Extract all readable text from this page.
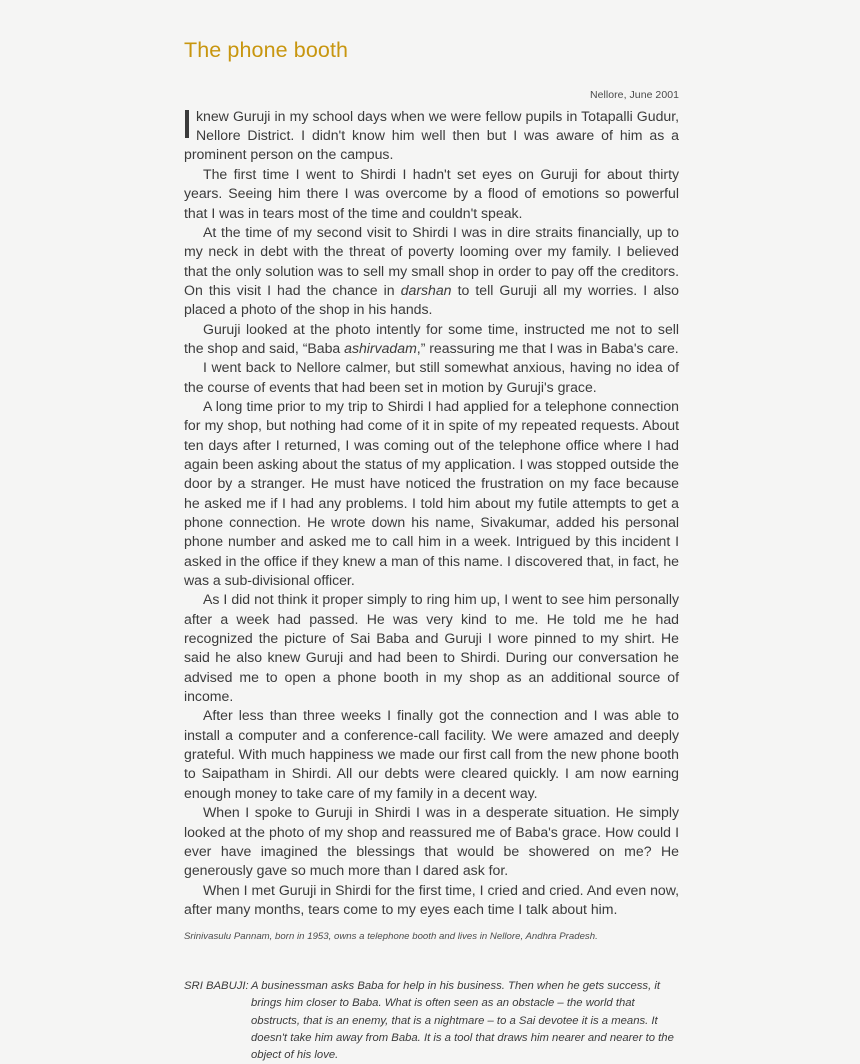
The phone booth
Nellore, June 2001

knew Guruji in my school days when we were fellow pupils in Totapalli Gudur, Nellore District. I didn't know him well then but I was aware of him as a prominent person on the campus.

The first time I went to Shirdi I hadn't set eyes on Guruji for about thirty years. Seeing him there I was overcome by a flood of emotions so powerful that I was in tears most of the time and couldn't speak.

At the time of my second visit to Shirdi I was in dire straits financially, up to my neck in debt with the threat of poverty looming over my family. I believed that the only solution was to sell my small shop in order to pay off the creditors. On this visit I had the chance in darshan to tell Guruji all my worries. I also placed a photo of the shop in his hands.

Guruji looked at the photo intently for some time, instructed me not to sell the shop and said, “Baba ashirvadam,” reassuring me that I was in Baba's care.

I went back to Nellore calmer, but still somewhat anxious, having no idea of the course of events that had been set in motion by Guruji's grace.

A long time prior to my trip to Shirdi I had applied for a telephone connection for my shop, but nothing had come of it in spite of my repeated requests. About ten days after I returned, I was coming out of the telephone office where I had again been asking about the status of my application. I was stopped outside the door by a stranger. He must have noticed the frustration on my face because he asked me if I had any problems. I told him about my futile attempts to get a phone connection. He wrote down his name, Sivakumar, added his personal phone number and asked me to call him in a week. Intrigued by this incident I asked in the office if they knew a man of this name. I discovered that, in fact, he was a sub-divisional officer.

As I did not think it proper simply to ring him up, I went to see him personally after a week had passed. He was very kind to me. He told me he had recognized the picture of Sai Baba and Guruji I wore pinned to my shirt. He said he also knew Guruji and had been to Shirdi. During our conversation he advised me to open a phone booth in my shop as an additional source of income.

After less than three weeks I finally got the connection and I was able to install a computer and a conference-call facility. We were amazed and deeply grateful. With much happiness we made our first call from the new phone booth to Saipatham in Shirdi. All our debts were cleared quickly. I am now earning enough money to take care of my family in a decent way.

When I spoke to Guruji in Shirdi I was in a desperate situation. He simply looked at the photo of my shop and reassured me of Baba's grace. How could I ever have imagined the blessings that would be showered on me? He generously gave so much more than I dared ask for.

When I met Guruji in Shirdi for the first time, I cried and cried. And even now, after many months, tears come to my eyes each time I talk about him.

Srinivasulu Pannam, born in 1953, owns a telephone booth and lives in Nellore, Andhra Pradesh.
SRI BABUJI: A businessman asks Baba for help in his business. Then when he gets success, it brings him closer to Baba. What is often seen as an obstacle – the world that obstructs, that is an enemy, that is a nightmare – to a Sai devotee it is a means. It doesn't take him away from Baba. It is a tool that draws him nearer and nearer to the object of his love.
